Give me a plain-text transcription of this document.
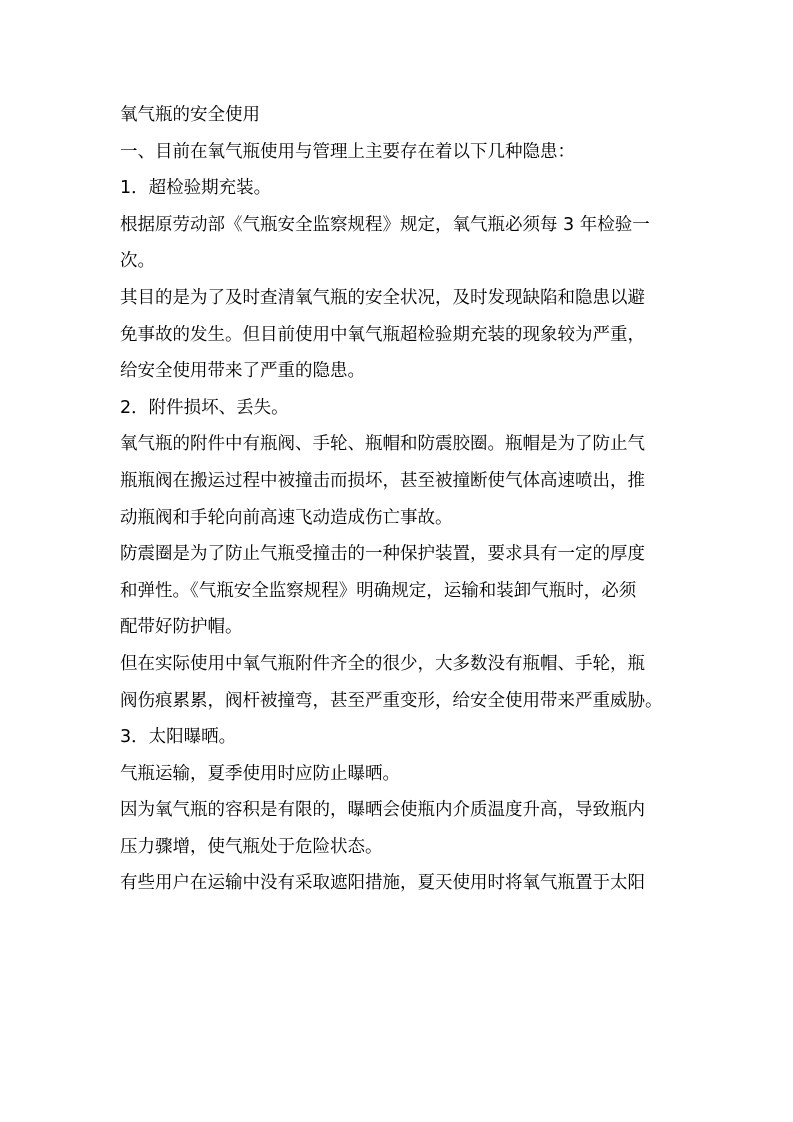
氧气瓶的安全使用

一、目前在氧气瓶使用与管理上主要存在着以下几种隐患：

1．超检验期充装。

根据原劳动部《气瓶安全监察规程》规定，氧气瓶必须每 3 年检验一

次。

其目的是为了及时查清氧气瓶的安全状况，及时发现缺陷和隐患以避

免事故的发生。但目前使用中氧气瓶超检验期充装的现象较为严重，

给安全使用带来了严重的隐患。

2．附件损坏、丢失。

氧气瓶的附件中有瓶阀、手轮、瓶帽和防震胶圈。瓶帽是为了防止气

瓶瓶阀在搬运过程中被撞击而损坏，甚至被撞断使气体高速喷出，推

动瓶阀和手轮向前高速飞动造成伤亡事故。

防震圈是为了防止气瓶受撞击的一种保护装置，要求具有一定的厚度

和弹性。《气瓶安全监察规程》明确规定，运输和装卸气瓶时，必须

配带好防护帽。

但在实际使用中氧气瓶附件齐全的很少，大多数没有瓶帽、手轮，瓶

阀伤痕累累，阀杆被撞弯，甚至严重变形，给安全使用带来严重威胁。

3．太阳曝晒。

气瓶运输，夏季使用时应防止曝晒。

因为氧气瓶的容积是有限的，曝晒会使瓶内介质温度升高，导致瓶内

压力骤增，使气瓶处于危险状态。

有些用户在运输中没有采取遮阳措施，夏天使用时将氧气瓶置于太阳
